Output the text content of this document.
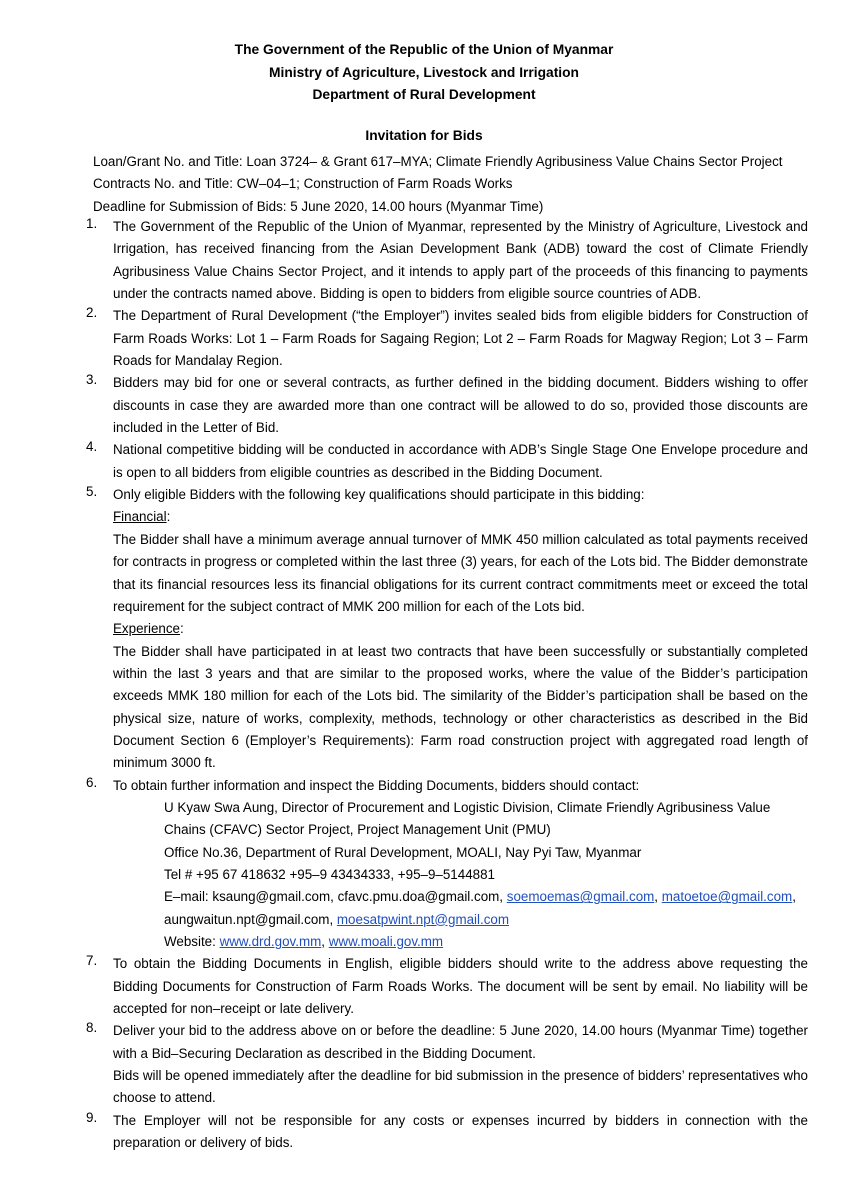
The Government of the Republic of the Union of Myanmar
Ministry of Agriculture, Livestock and Irrigation
Department of Rural Development
Invitation for Bids
Loan/Grant No. and Title: Loan 3724– & Grant 617–MYA; Climate Friendly Agribusiness Value Chains Sector Project
Contracts No. and Title: CW–04–1; Construction of Farm Roads Works
Deadline for Submission of Bids: 5 June 2020, 14.00 hours (Myanmar Time)
1. The Government of the Republic of the Union of Myanmar, represented by the Ministry of Agriculture, Livestock and Irrigation, has received financing from the Asian Development Bank (ADB) toward the cost of Climate Friendly Agribusiness Value Chains Sector Project, and it intends to apply part of the proceeds of this financing to payments under the contracts named above. Bidding is open to bidders from eligible source countries of ADB.

2. The Department of Rural Development (“the Employer”) invites sealed bids from eligible bidders for Construction of Farm Roads Works: Lot 1 – Farm Roads for Sagaing Region; Lot 2 – Farm Roads for Magway Region; Lot 3 – Farm Roads for Mandalay Region.

3. Bidders may bid for one or several contracts, as further defined in the bidding document. Bidders wishing to offer discounts in case they are awarded more than one contract will be allowed to do so, provided those discounts are included in the Letter of Bid.

4. National competitive bidding will be conducted in accordance with ADB’s Single Stage One Envelope procedure and is open to all bidders from eligible countries as described in the Bidding Document.

5. Only eligible Bidders with the following key qualifications should participate in this bidding:

Financial:

The Bidder shall have a minimum average annual turnover of MMK 450 million calculated as total payments received for contracts in progress or completed within the last three (3) years, for each of the Lots bid. The Bidder demonstrate that its financial resources less its financial obligations for its current contract commitments meet or exceed the total requirement for the subject contract of MMK 200 million for each of the Lots bid.

Experience:

The Bidder shall have participated in at least two contracts that have been successfully or substantially completed within the last 3 years and that are similar to the proposed works, where the value of the Bidder’s participation exceeds MMK 180 million for each of the Lots bid. The similarity of the Bidder’s participation shall be based on the physical size, nature of works, complexity, methods, technology or other characteristics as described in the Bid Document Section 6 (Employer’s Requirements): Farm road construction project with aggregated road length of minimum 3000 ft.

6. To obtain further information and inspect the Bidding Documents, bidders should contact:

U Kyaw Swa Aung, Director of Procurement and Logistic Division, Climate Friendly Agribusiness Value
Chains (CFAVC) Sector Project, Project Management Unit (PMU)
Office No.36, Department of Rural Development, MOALI, Nay Pyi Taw, Myanmar
Tel # +95 67 418632 +95–9 43434333, +95–9–5144881
E–mail: ksaung@gmail.com, cfavc.pmu.doa@gmail.com, soemoemas@gmail.com, matoetoe@gmail.com,
aungwaitun.npt@gmail.com, moesatpwint.npt@gmail.com
Website: www.drd.gov.mm, www.moali.gov.mm
7. To obtain the Bidding Documents in English, eligible bidders should write to the address above requesting the Bidding Documents for Construction of Farm Roads Works. The document will be sent by email. No liability will be accepted for non–receipt or late delivery.

8. Deliver your bid to the address above on or before the deadline: 5 June 2020, 14.00 hours (Myanmar Time) together with a Bid–Securing Declaration as described in the Bidding Document.

Bids will be opened immediately after the deadline for bid submission in the presence of bidders’ representatives who choose to attend.

9. The Employer will not be responsible for any costs or expenses incurred by bidders in connection with the preparation or delivery of bids.
